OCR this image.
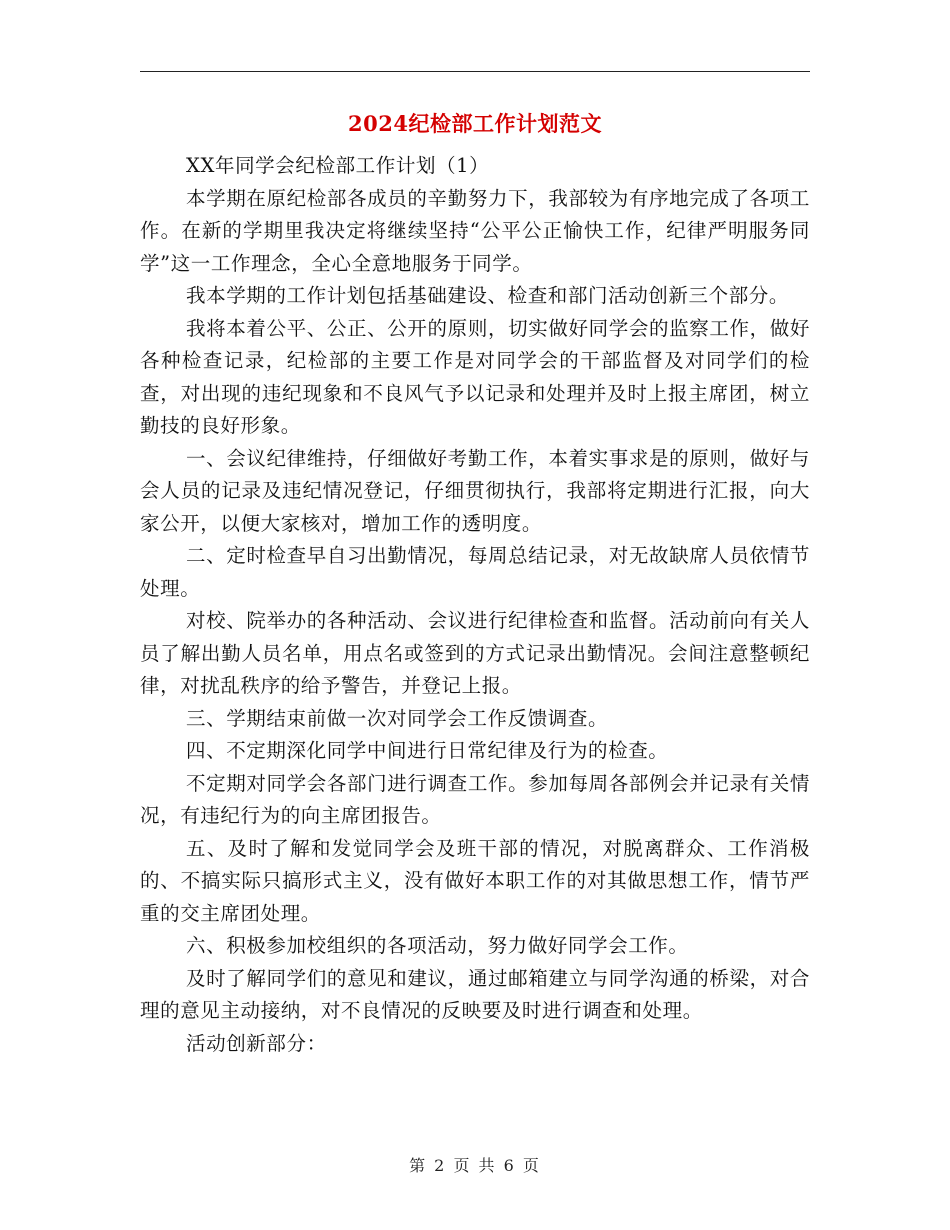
2024纪检部工作计划范文

XX年同学会纪检部工作计划（1）

本学期在原纪检部各成员的辛勤努力下，我部较为有序地完成了各项工作。在新的学期里我决定将继续坚持“公平公正愉快工作，纪律严明服务同学”这一工作理念，全心全意地服务于同学。

我本学期的工作计划包括基础建设、检查和部门活动创新三个部分。

我将本着公平、公正、公开的原则，切实做好同学会的监察工作，做好各种检查记录，纪检部的主要工作是对同学会的干部监督及对同学们的检查，对出现的违纪现象和不良风气予以记录和处理并及时上报主席团，树立勤技的良好形象。

一、会议纪律维持，仔细做好考勤工作，本着实事求是的原则，做好与会人员的记录及违纪情况登记，仔细贯彻执行，我部将定期进行汇报，向大家公开，以便大家核对，增加工作的透明度。

二、定时检查早自习出勤情况，每周总结记录，对无故缺席人员依情节处理。

对校、院举办的各种活动、会议进行纪律检查和监督。活动前向有关人员了解出勤人员名单，用点名或签到的方式记录出勤情况。会间注意整顿纪律，对扰乱秩序的给予警告，并登记上报。

三、学期结束前做一次对同学会工作反馈调查。

四、不定期深化同学中间进行日常纪律及行为的检查。

不定期对同学会各部门进行调查工作。参加每周各部例会并记录有关情况，有违纪行为的向主席团报告。

五、及时了解和发觉同学会及班干部的情况，对脱离群众、工作消极的、不搞实际只搞形式主义，没有做好本职工作的对其做思想工作，情节严重的交主席团处理。

六、积极参加校组织的各项活动，努力做好同学会工作。

及时了解同学们的意见和建议，通过邮箱建立与同学沟通的桥梁，对合理的意见主动接纳，对不良情况的反映要及时进行调查和处理。

活动创新部分：

第 2 页 共 6 页
